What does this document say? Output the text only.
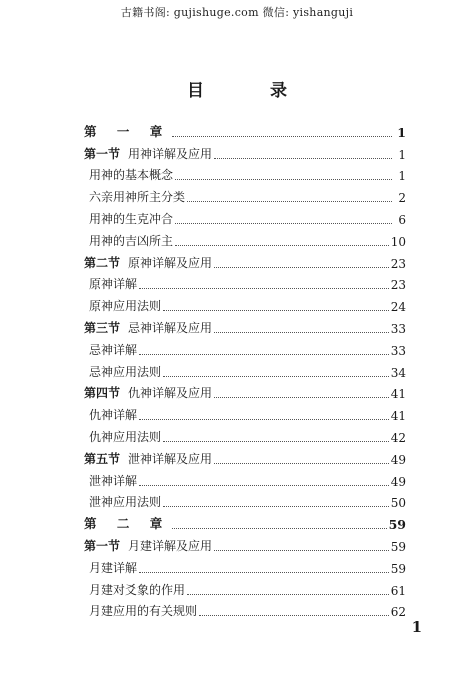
古籍书阁: gujishuge.com 微信: yishanguji
目	录
第 一 章	1
第一节 用神详解及应用	1
用神的基本概念	1
六亲用神所主分类	2
用神的生克冲合	6
用神的吉凶所主	10
第二节 原神详解及应用	23
原神详解	23
原神应用法则	24
第三节 忌神详解及应用	33
忌神详解	33
忌神应用法则	34
第四节 仇神详解及应用	41
仇神详解	41
仇神应用法则	42
第五节 泄神详解及应用	49
泄神详解	49
泄神应用法则	50
第 二 章	59
第一节 月建详解及应用	59
月建详解	59
月建对爻象的作用	61
月建应用的有关规则	62
1
